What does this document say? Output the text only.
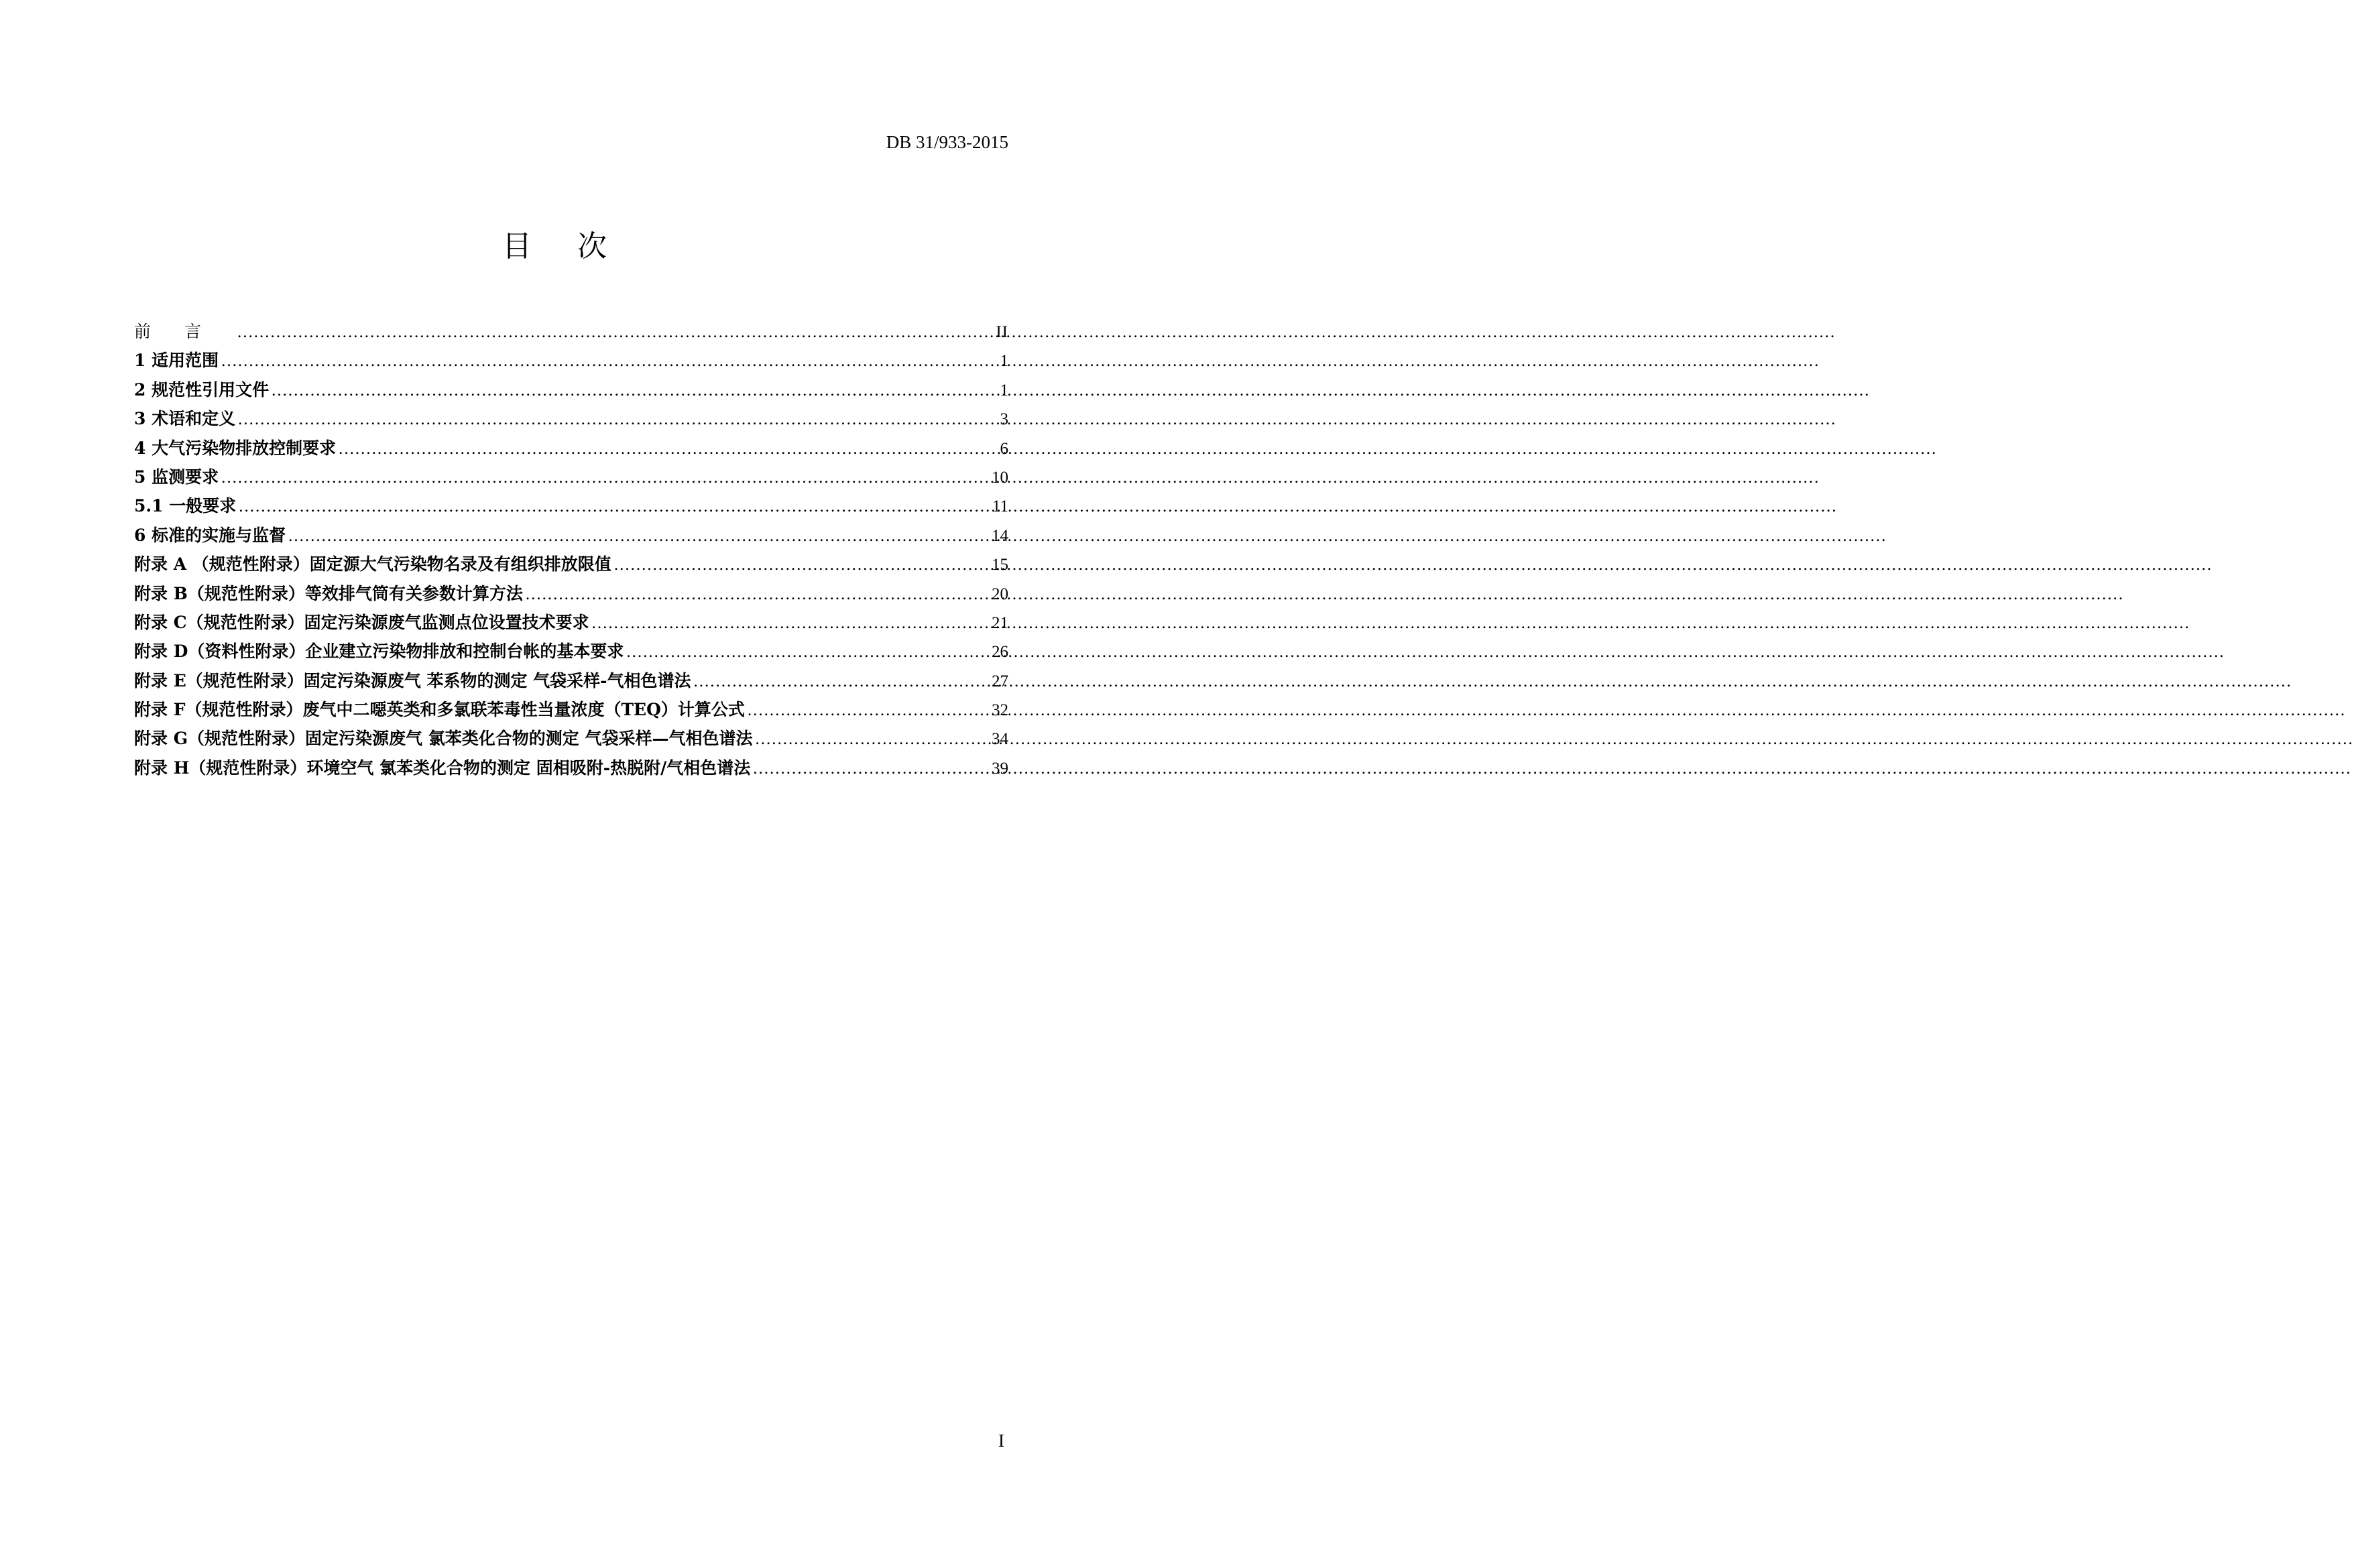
DB 31/933-2015
目次
前言 .....	II
1 适用范围 .....	1
2 规范性引用文件 .....	1
3 术语和定义 .....	3
4 大气污染物排放控制要求 .....	6
5 监测要求 .....	10
5.1 一般要求 .....	11
6 标准的实施与监督 .....	14
附录 A （规范性附录）固定源大气污染物名录及有组织排放限值 .....	15
附录 B（规范性附录）等效排气筒有关参数计算方法 .....	20
附录 C（规范性附录）固定污染源废气监测点位设置技术要求 .....	21
附录 D（资料性附录）企业建立污染物排放和控制台帐的基本要求 .....	26
附录 E（规范性附录）固定污染源废气 苯系物的测定 气袋采样-气相色谱法 .....	27
附录 F（规范性附录）废气中二噁英类和多氯联苯毒性当量浓度（TEQ）计算公式 .....	32
附录 G（规范性附录）固定污染源废气 氯苯类化合物的测定 气袋采样—气相色谱法 .....	34
附录 H（规范性附录）环境空气 氯苯类化合物的测定 固相吸附-热脱附/气相色谱法 .....	39
I
